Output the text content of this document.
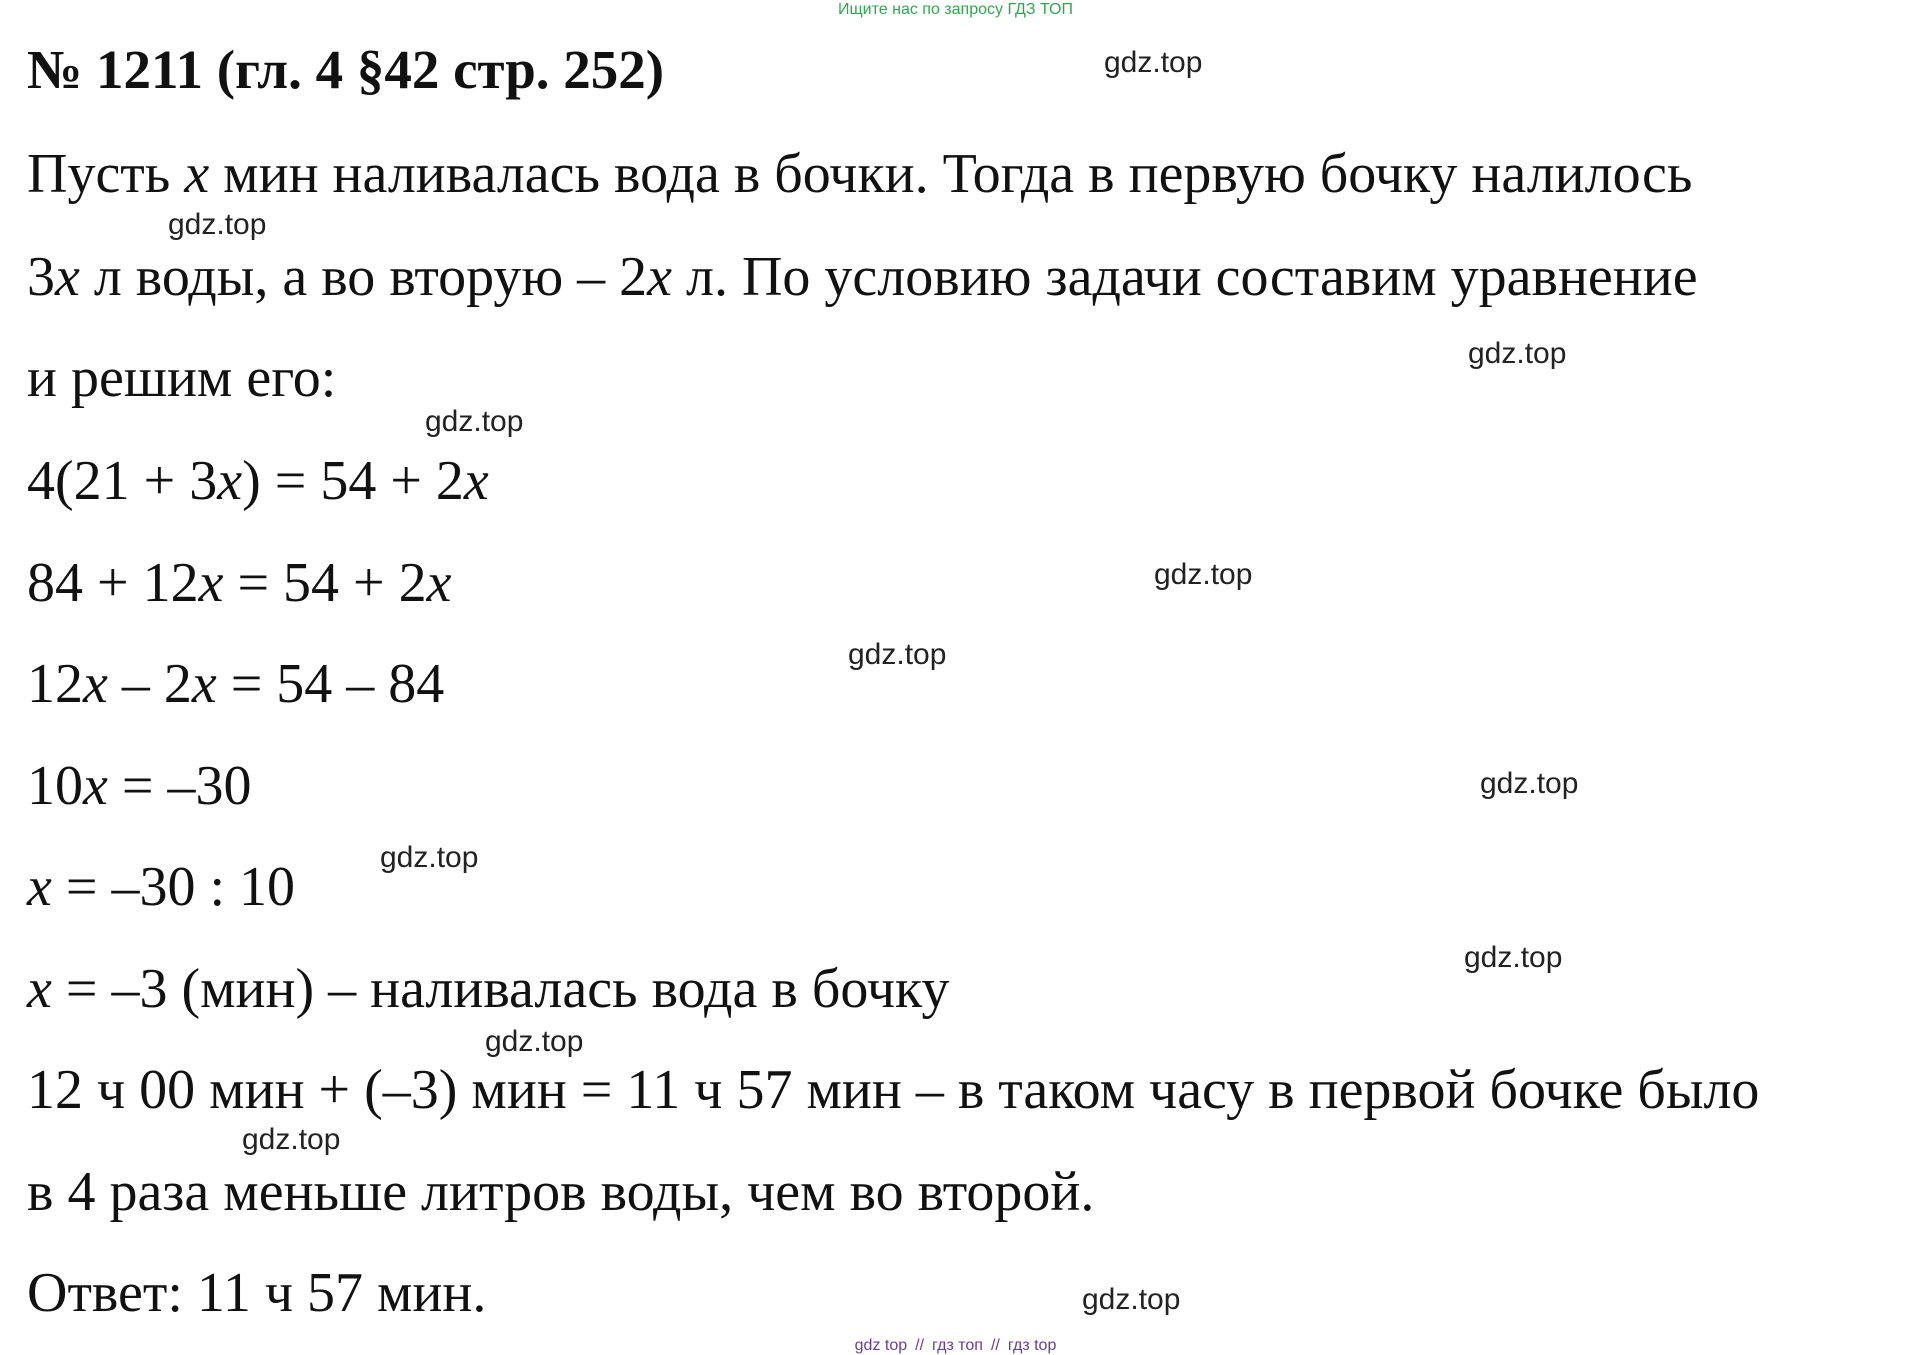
Ищите нас по запросу ГДЗ ТОП
№ 1211 (гл. 4 §42 стр. 252)
Пусть x мин наливалась вода в бочки. Тогда в первую бочку налилось
3x л воды, а во вторую – 2x л. По условию задачи составим уравнение
и решим его:
4(21 + 3x) = 54 + 2x
84 + 12x = 54 + 2x
12x – 2x = 54 – 84
10x = –30
x = –30 : 10
x = –3 (мин) – наливалась вода в бочку
12 ч 00 мин + (–3) мин = 11 ч 57 мин – в таком часу в первой бочке было
в 4 раза меньше литров воды, чем во второй.
Ответ: 11 ч 57 мин.
gdz.top
gdz.top
gdz.top
gdz.top
gdz.top
gdz.top
gdz.top
gdz.top
gdz.top
gdz.top
gdz.top
gdz.top
gdz top // гдз топ // гдз top
